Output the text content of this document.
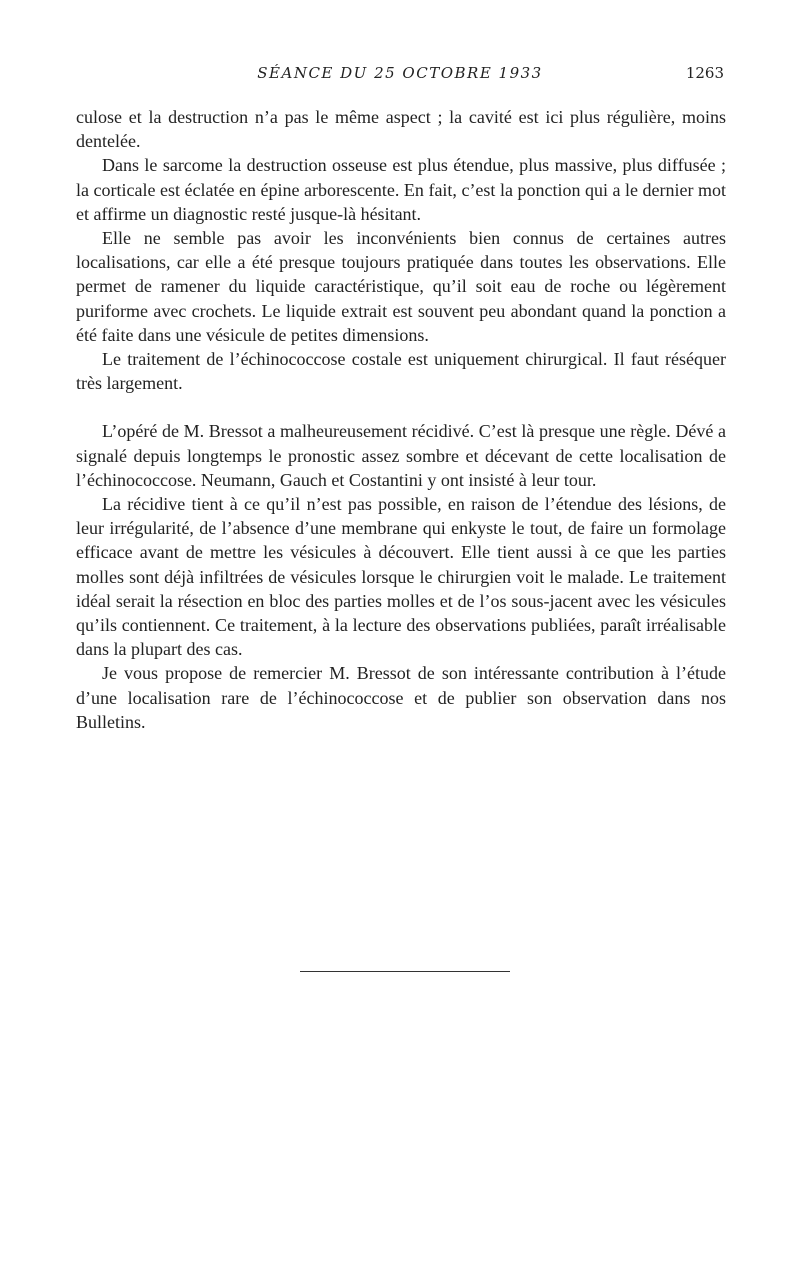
SÉANCE DU 25 OCTOBRE 1933	1263

culose et la destruction n’a pas le même aspect ; la cavité est ici plus régulière, moins dentelée.

Dans le sarcome la destruction osseuse est plus étendue, plus massive, plus diffusée ; la corticale est éclatée en épine arborescente. En fait, c’est la ponction qui a le dernier mot et affirme un diagnostic resté jusque-là hésitant.

Elle ne semble pas avoir les inconvénients bien connus de certaines autres localisations, car elle a été presque toujours pratiquée dans toutes les observations. Elle permet de ramener du liquide caractéristique, qu’il soit eau de roche ou légèrement puriforme avec crochets. Le liquide extrait est souvent peu abondant quand la ponction a été faite dans une vésicule de petites dimensions.

Le traitement de l’échinococcose costale est uniquement chirurgical. Il faut réséquer très largement.

L’opéré de M. Bressot a malheureusement récidivé. C’est là presque une règle. Dévé a signalé depuis longtemps le pronostic assez sombre et décevant de cette localisation de l’échinococcose. Neumann, Gauch et Costantini y ont insisté à leur tour.

La récidive tient à ce qu’il n’est pas possible, en raison de l’étendue des lésions, de leur irrégularité, de l’absence d’une membrane qui enkyste le tout, de faire un formolage efficace avant de mettre les vésicules à découvert. Elle tient aussi à ce que les parties molles sont déjà infiltrées de vésicules lorsque le chirurgien voit le malade. Le traitement idéal serait la résection en bloc des parties molles et de l’os sous-jacent avec les vésicules qu’ils contiennent. Ce traitement, à la lecture des observations publiées, paraît irréalisable dans la plupart des cas.

Je vous propose de remercier M. Bressot de son intéressante contribution à l’étude d’une localisation rare de l’échinococcose et de publier son observation dans nos Bulletins.
